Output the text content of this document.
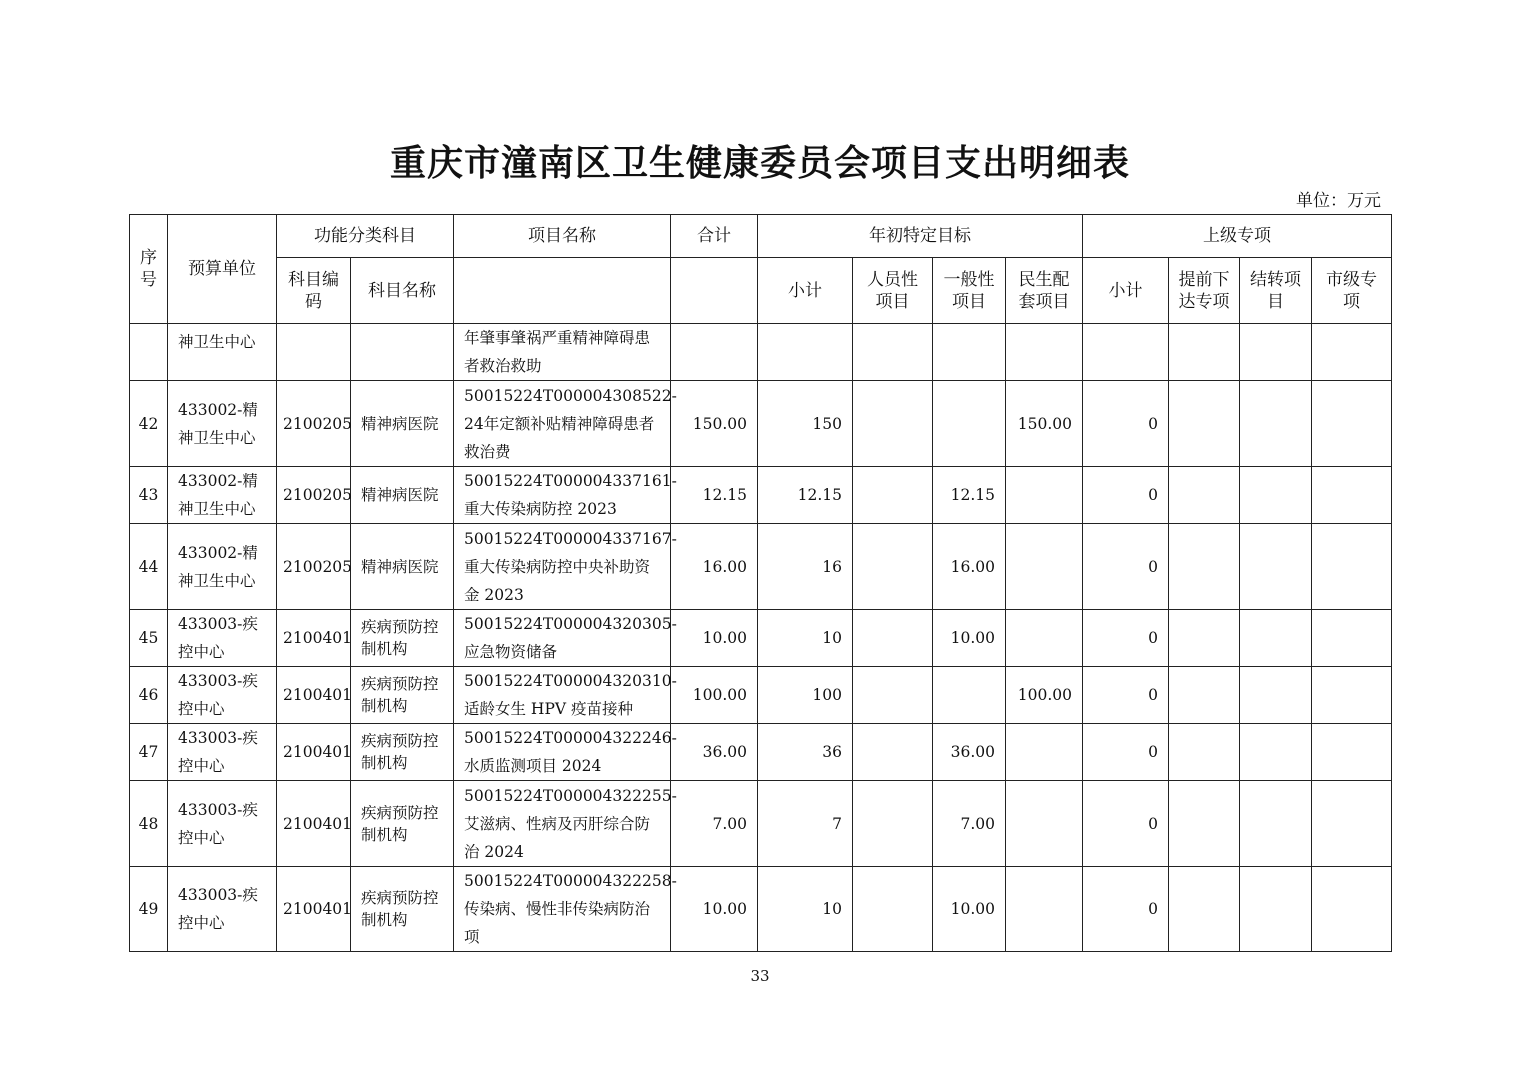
重庆市潼南区卫生健康委员会项目支出明细表
单位：万元
序号	预算单位	功能分类科目		项目名称	合计	年初特定目标				上级专项			
		科目编码	科目名称			小计	人员性项目	一般性项目	民生配套项目	小计	提前下达专项	结转项目	市级专项

	神卫生中心			年肇事肇祸严重精神障碍患者救治救助									

42	433002-精神卫生中心	2100205	精神病医院	50015224T000004308522-24年定额补贴精神障碍患者救治费	150.00	150			150.00	0			

43	433002-精神卫生中心	2100205	精神病医院	50015224T000004337161-重大传染病防控 2023	12.15	12.15		12.15		0			

44	433002-精神卫生中心	2100205	精神病医院	50015224T000004337167-重大传染病防控中央补助资金 2023	16.00	16		16.00		0			

45	433003-疾控中心	2100401	疾病预防控制机构	50015224T000004320305-应急物资储备	10.00	10		10.00		0			

46	433003-疾控中心	2100401	疾病预防控制机构	50015224T000004320310-适龄女生 HPV 疫苗接种	100.00	100			100.00	0			

47	433003-疾控中心	2100401	疾病预防控制机构	50015224T000004322246-水质监测项目 2024	36.00	36		36.00		0			

48	433003-疾控中心	2100401	疾病预防控制机构	50015224T000004322255-艾滋病、性病及丙肝综合防治 2024	7.00	7		7.00		0			

49	433003-疾控中心	2100401	疾病预防控制机构	50015224T000004322258-传染病、慢性非传染病防治项	10.00	10		10.00		0			

33
